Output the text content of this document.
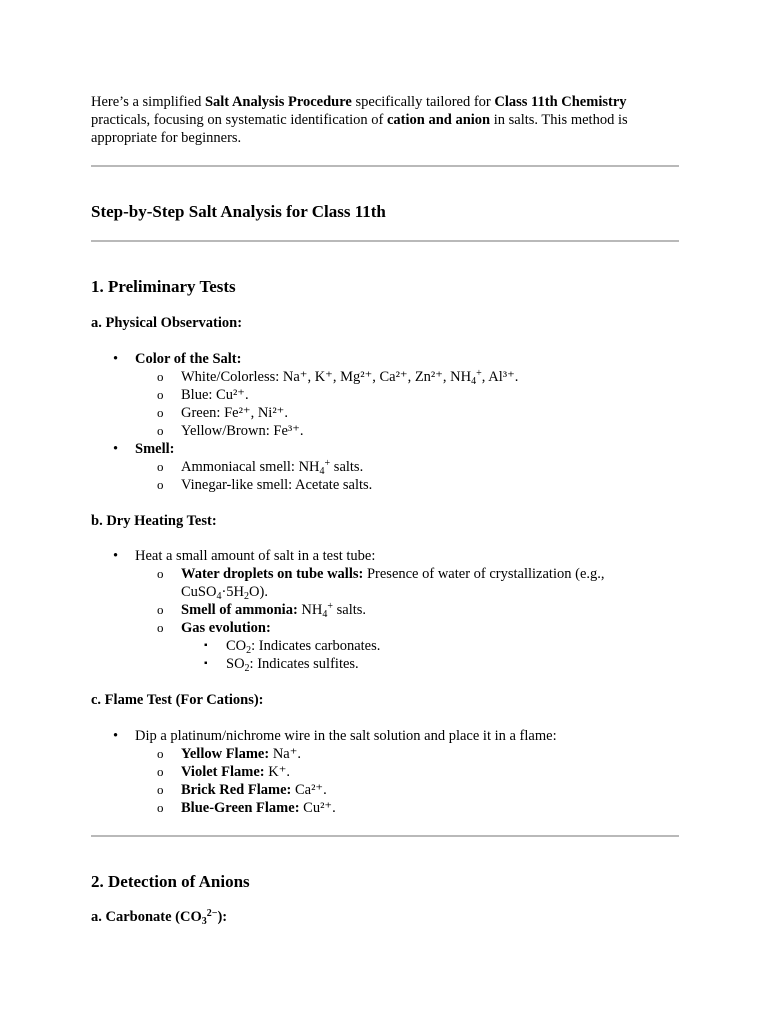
Here’s a simplified Salt Analysis Procedure specifically tailored for Class 11th Chemistry practicals, focusing on systematic identification of cation and anion in salts. This method is appropriate for beginners.

Step-by-Step Salt Analysis for Class 11th
1. Preliminary Tests
a. Physical Observation:
• Color of the Salt:
o White/Colorless: Na⁺, K⁺, Mg²⁺, Ca²⁺, Zn²⁺, $NH_4^+$, Al³⁺.
o Blue: Cu²⁺.
o Green: Fe²⁺, Ni²⁺.
o Yellow/Brown: Fe³⁺.
• Smell:
o Ammoniacal smell: $NH_4^+$ salts.
o Vinegar-like smell: Acetate salts.
b. Dry Heating Test:
• Heat a small amount of salt in a test tube:
o Water droplets on tube walls: Presence of water of crystallization (e.g., $CuSO_4\cdot 5H_2O$).
o Smell of ammonia: $NH_4^+$ salts.
o Gas evolution:
▪ $CO_2$: Indicates carbonates.
▪ $SO_2$: Indicates sulfites.
c. Flame Test (For Cations):
• Dip a platinum/nichrome wire in the salt solution and place it in a flame:
o Yellow Flame: Na⁺.
o Violet Flame: K⁺.
o Brick Red Flame: Ca²⁺.
o Blue-Green Flame: Cu²⁺.
2. Detection of Anions
a. Carbonate $(CO_3^{2-})$:
